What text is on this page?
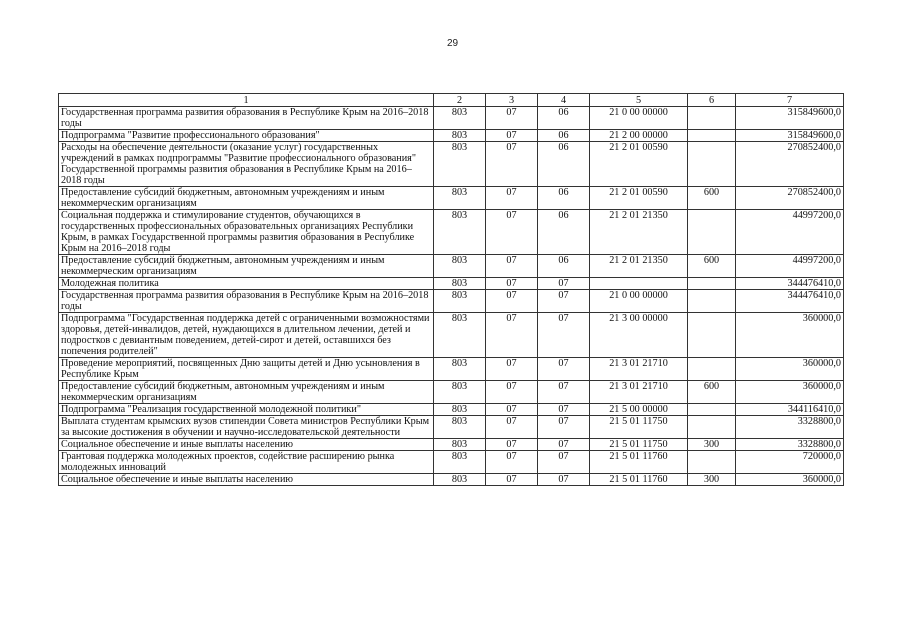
29
1	2	3	4	5	6	7
Государственная программа развития образования в Республике Крым на 2016–2018 годы	803	07	06	21 0 00 00000		315849600,0
Подпрограмма "Развитие профессионального образования"	803	07	06	21 2 00 00000		315849600,0
Расходы на обеспечение деятельности (оказание услуг) государственных учреждений в рамках подпрограммы "Развитие профессионального образования" Государственной программы развития образования в Республике Крым на 2016–2018 годы	803	07	06	21 2 01 00590		270852400,0
Предоставление субсидий бюджетным, автономным учреждениям и иным некоммерческим организациям	803	07	06	21 2 01 00590	600	270852400,0
Социальная поддержка и стимулирование студентов, обучающихся в государственных профессиональных образовательных организациях Республики Крым, в рамках Государственной программы развития образования в Республике Крым на 2016–2018 годы	803	07	06	21 2 01 21350		44997200,0
Предоставление субсидий бюджетным, автономным учреждениям и иным некоммерческим организациям	803	07	06	21 2 01 21350	600	44997200,0
Молодежная политика	803	07	07			344476410,0
Государственная программа развития образования в Республике Крым на 2016–2018 годы	803	07	07	21 0 00 00000		344476410,0
Подпрограмма "Государственная поддержка детей с ограниченными возможностями здоровья, детей-инвалидов, детей, нуждающихся в длительном лечении, детей и подростков с девиантным поведением, детей-сирот и детей, оставшихся без попечения родителей"	803	07	07	21 3 00 00000		360000,0
Проведение мероприятий, посвященных Дню защиты детей и Дню усыновления в Республике Крым	803	07	07	21 3 01 21710		360000,0
Предоставление субсидий бюджетным, автономным учреждениям и иным некоммерческим организациям	803	07	07	21 3 01 21710	600	360000,0
Подпрограмма "Реализация государственной молодежной политики"	803	07	07	21 5 00 00000		344116410,0
Выплата студентам крымских вузов стипендии Совета министров Республики Крым за высокие достижения в обучении и научно-исследовательской деятельности	803	07	07	21 5 01 11750		3328800,0
Социальное обеспечение и иные выплаты населению	803	07	07	21 5 01 11750	300	3328800,0
Грантовая поддержка молодежных проектов, содействие расширению рынка молодежных инноваций	803	07	07	21 5 01 11760		720000,0
Социальное обеспечение и иные выплаты населению	803	07	07	21 5 01 11760	300	360000,0
